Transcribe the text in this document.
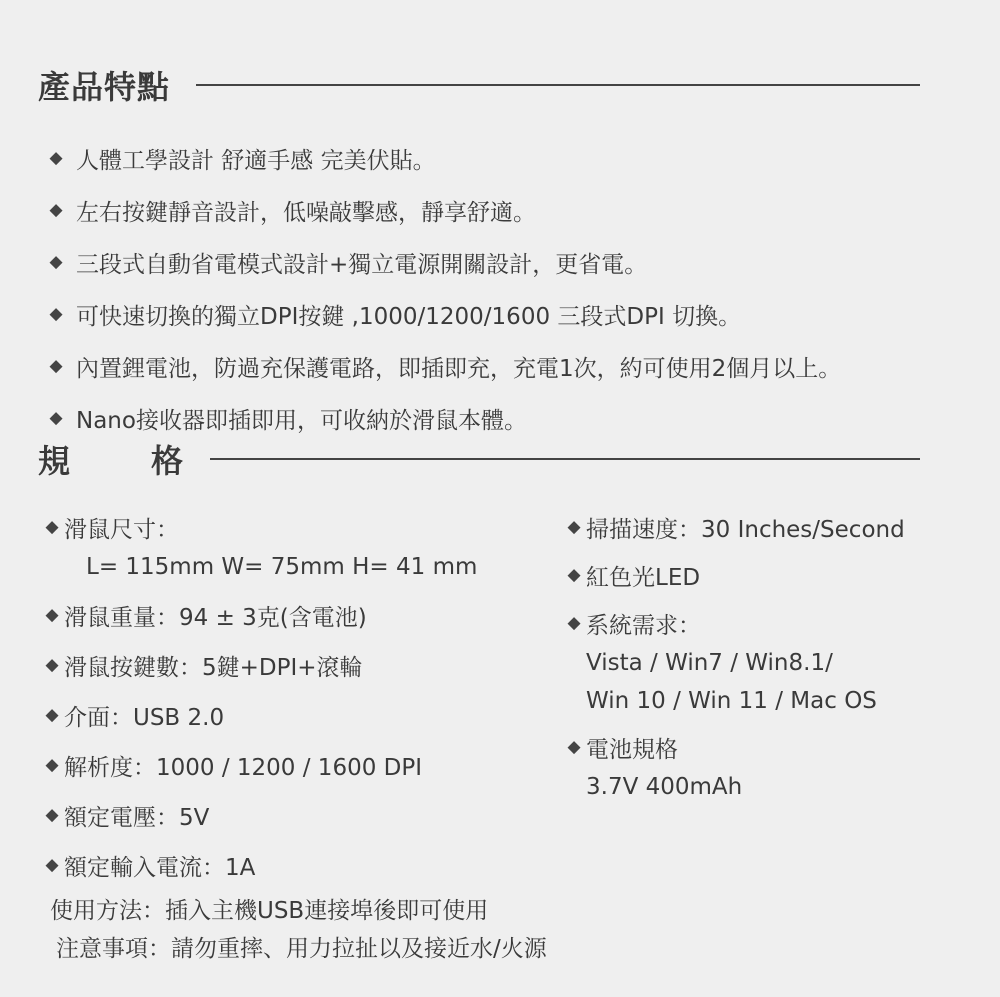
產品特點
◆ 人體工學設計 舒適手感 完美伏貼。
◆ 左右按鍵靜音設計，低噪敲擊感，靜享舒適。
◆ 三段式自動省電模式設計+獨立電源開關設計，更省電。
◆ 可快速切換的獨立DPI按鍵 ,1000/1200/1600 三段式DPI 切換。
◆ 內置鋰電池，防過充保護電路，即插即充，充電1次，約可使用2個月以上。
◆ Nano接收器即插即用，可收納於滑鼠本體。
規	格
◆ 滑鼠尺寸：
L= 115mm W= 75mm H= 41 mm
◆ 滑鼠重量：94 ± 3克(含電池)
◆ 滑鼠按鍵數：5鍵+DPI+滾輪
◆ 介面：USB 2.0
◆ 解析度：1000 / 1200 / 1600 DPI
◆ 額定電壓：5V
◆ 額定輸入電流：1A
◆ 掃描速度：30 Inches/Second
◆ 紅色光LED
◆ 系統需求：
Vista / Win7 / Win8.1/
Win 10 / Win 11 / Mac OS
◆ 電池規格
3.7V 400mAh
使用方法：插入主機USB連接埠後即可使用
注意事項：請勿重摔、用力拉扯以及接近水/火源
